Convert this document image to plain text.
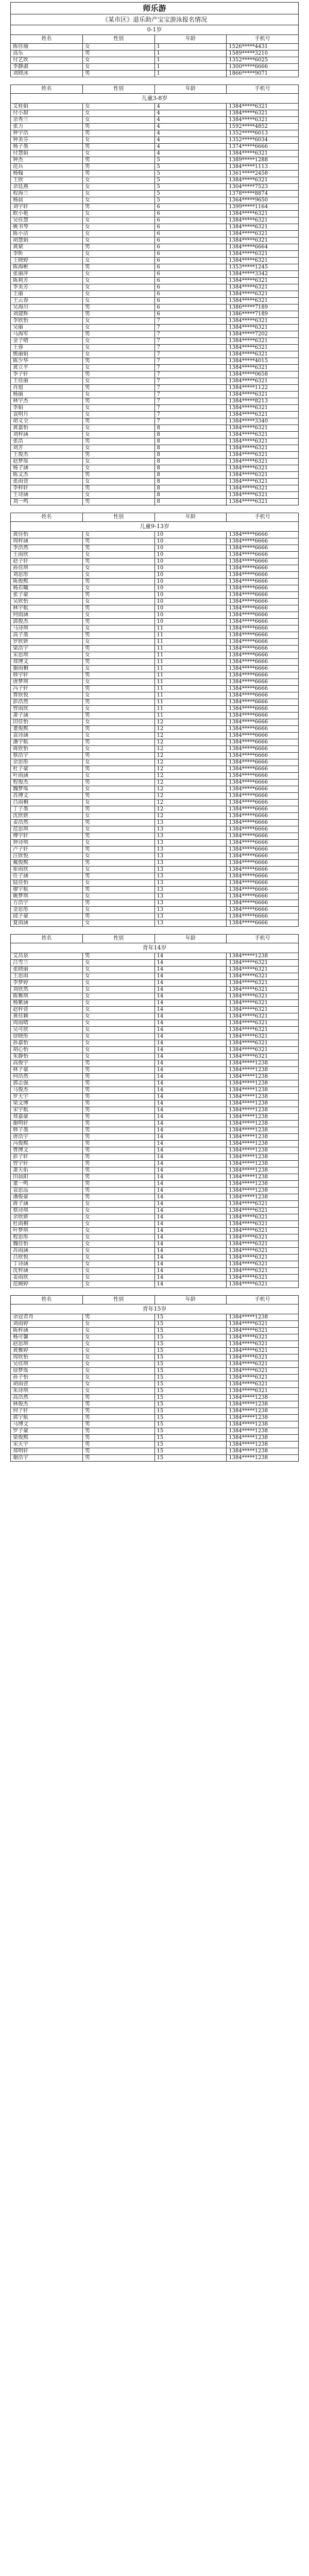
师乐游
《某市区》退乐助产宝宝游泳报名情况
0-1岁			
姓名	性别	年龄	手机号
陈佳瑜	女	1	1526*****4431
高乐	男	1	1589*****3210
付艺欣	女	1	1352*****6025
李静淑	女	1	1300*****6666
刘晓冰	男	1	1866*****9071

姓名	性别	年龄	手机号
儿童3-8岁			
艾桂娟	女	4	1384*****6321
付小甜	女	4	1384*****6321
余秀兰	女	4	1384*****6321
张力	男	4	1592*****4852
钟宇浩	男	4	1352*****6013
钟美芬	女	4	1352*****6034
杨子墨	男	4	1374*****6666
付慧娟	女	4	1384*****6321
钟杰	男	5	1389*****1288
范兵	男	5	1384*****1113
杨翰	男	5	1361*****2458
王欣	女	5	1384*****6321
余廷燕	女	5	1304*****7523
程海兰	女	5	1378*****8874
杨晨	女	5	1364*****9650
刘宇轩	男	6	1399*****1164
欧小艳	女	6	1384*****6321
吴佳慧	女	6	1384*****6321
姚书琴	女	6	1384*****6321
陈小洁	女	6	1384*****6321
胡慧娟	女	6	1384*****6321
黄斌	男	6	1384*****6664
李昕	女	6	1384*****6321
王晓婷	女	6	1384*****6321
陈海彬	男	6	1353*****1245
张丽萍	女	6	1384*****3342
陈莉芳	女	6	1384*****6321
李美芳	女	6	1384*****6321
王丽	女	6	1384*****6321
王云春	女	6	1384*****6321
吴海川	男	6	1386*****7189
刘建辉	男	6	1386*****7189
李欣怡	女	7	1384*****6321
吴丽	女	7	1384*****6321
马海军	男	7	1384*****7202
金子晴	女	7	1384*****6321
王蓉	女	7	1384*****6321
熊丽娟	女	7	1384*****6321
陈少华	男	7	1384*****4015
黄立平	女	7	1384*****6321
李子轩	男	7	1384*****0658
王佳丽	女	7	1384*****6321
肖旭	男	7	1384*****1122
杨丽	女	7	1384*****6321
林宇杰	男	7	1384*****8213
李娟	女	7	1384*****6321
袁明月	女	7	1384*****6321
胡义全	男	7	1384*****3340
黄嘉怡	女	8	1384*****6321
刘梓涵	女	8	1384*****6321
张浩	男	8	1384*****6321
刘芳	女	8	1384*****6321
王俊杰	男	8	1384*****6321
赵梦瑶	女	8	1384*****6321
杨子涵	女	8	1384*****6321
陈文杰	男	8	1384*****6321
张雨萱	女	8	1384*****6321
李梓轩	男	8	1384*****6321
王诗涵	女	8	1384*****6321
刘一鸣	男	8	1384*****6321

姓名	性别	年龄	手机号
儿童9-13岁			
黄佳怡	女	10	1384*****6666
周梓涵	男	10	1384*****6666
李浩然	男	10	1384*****6666
王雨欣	女	10	1384*****6666
赵子轩	男	10	1384*****6666
孙佳琪	女	10	1384*****6666
刘思彤	女	10	1384*****6666
陈俊熙	男	10	1384*****6666
杨若曦	女	10	1384*****6666
张子豪	男	10	1384*****6666
吴欣怡	女	10	1384*****6666
林宇航	男	10	1384*****6666
何雨涵	女	10	1384*****6666
郭俊杰	男	10	1384*****6666
马诗琪	女	11	1384*****6666
高子墨	男	11	1384*****6666
罗欣妍	女	11	1384*****6666
梁浩宇	男	11	1384*****6666
宋思琪	女	11	1384*****6666
郑博文	男	11	1384*****6666
谢雨桐	女	11	1384*****6666
韩宇轩	男	11	1384*****6666
唐梦琪	女	11	1384*****6666
冯子轩	男	11	1384*****6666
曹欣悦	女	11	1384*****6666
彭浩然	男	11	1384*****6666
曾雨欣	女	11	1384*****6666
萧子涵	男	11	1384*****6666
田佳怡	女	12	1384*****6666
董俊熙	男	12	1384*****6666
袁诗涵	女	12	1384*****6666
潘宇航	男	12	1384*****6666
蒋欣怡	女	12	1384*****6666
蔡浩宇	男	12	1384*****6666
余思彤	女	12	1384*****6666
杜子豪	男	12	1384*****6666
叶雨涵	女	12	1384*****6666
程俊杰	男	12	1384*****6666
魏梦瑶	女	12	1384*****6666
苏博文	男	12	1384*****6666
吕雨桐	女	12	1384*****6666
丁子墨	男	12	1384*****6666
沈欣妍	女	12	1384*****6666
姜浩然	男	13	1384*****6666
范思琪	女	13	1384*****6666
傅宇轩	男	13	1384*****6666
钟诗琪	女	13	1384*****6666
卢子轩	男	13	1384*****6666
汪欣悦	女	13	1384*****6666
戴俊熙	男	13	1384*****6666
崔雨欣	女	13	1384*****6666
任子涵	男	13	1384*****6666
陆佳怡	女	13	1384*****6666
廖宇航	男	13	1384*****6666
姚梦琪	女	13	1384*****6666
方浩宇	男	13	1384*****6666
金思彤	女	13	1384*****6666
邱子豪	男	13	1384*****6666
夏雨涵	女	13	1384*****6666

姓名	性别	年龄	手机号
青年14岁			
艾昌泉	男	14	1384*****1238
吕雪兰	女	14	1384*****6321
张晓丽	女	14	1384*****6321
王思雨	女	14	1384*****6321
李梦婷	女	14	1384*****6321
刘欣然	女	14	1384*****6321
陈雅琪	女	14	1384*****6321
杨紫涵	女	14	1384*****6321
赵梓萱	女	14	1384*****6321
黄佳颖	女	14	1384*****6321
周雨晴	女	14	1384*****6321
吴可欣	女	14	1384*****6321
徐晓彤	女	14	1384*****6321
孙嘉怡	女	14	1384*****6321
胡心怡	女	14	1384*****6321
朱静怡	女	14	1384*****6321
高俊宇	男	14	1384*****1238
林子豪	男	14	1384*****1238
何浩然	男	14	1384*****1238
郭志强	男	14	1384*****1238
马俊杰	男	14	1384*****1238
罗天宇	男	14	1384*****1238
梁文博	男	14	1384*****1238
宋宇航	男	14	1384*****1238
郑嘉豪	男	14	1384*****1238
谢明轩	男	14	1384*****1238
韩子墨	男	14	1384*****1238
唐浩宇	男	14	1384*****1238
冯俊熙	男	14	1384*****1238
曹博文	男	14	1384*****1238
彭子轩	男	14	1384*****1238
曾宇轩	男	14	1384*****1238
萧天佑	男	14	1384*****1238
田晨阳	男	14	1384*****1238
董一鸣	男	14	1384*****1238
袁思远	男	14	1384*****1238
潘俊豪	男	14	1384*****1238
蒋子涵	女	14	1384*****6321
蔡诗琪	女	14	1384*****6321
余欣妍	女	14	1384*****6321
杜雨桐	女	14	1384*****6321
叶梦琪	女	14	1384*****6321
程思彤	女	14	1384*****6321
魏佳怡	女	14	1384*****6321
苏雨涵	女	14	1384*****6321
吕欣悦	女	14	1384*****6321
丁诗涵	女	14	1384*****6321
沈梓涵	女	14	1384*****6321
姜雨欣	女	14	1384*****6321
范婉婷	女	14	1384*****6321

姓名	性别	年龄	手机号
青年15岁			
余冠君舟	男	15	1384*****1238
刘雨婷	女	15	1384*****6321
陈梓涵	女	15	1384*****6321
杨可馨	女	15	1384*****6321
赵思琪	女	15	1384*****6321
黄雅婷	女	15	1384*****6321
周欣怡	女	15	1384*****6321
吴佳琪	女	15	1384*****6321
徐梦瑶	女	15	1384*****6321
孙子怡	女	15	1384*****6321
胡雨萱	女	15	1384*****6321
朱诗琪	女	15	1384*****6321
高浩然	男	15	1384*****1238
林俊杰	男	15	1384*****1238
何子轩	男	15	1384*****1238
郭宇航	男	15	1384*****1238
马博文	男	15	1384*****1238
罗子豪	男	15	1384*****1238
梁俊熙	男	15	1384*****1238
宋天宇	男	15	1384*****1238
郑明轩	男	15	1384*****1238
谢浩宇	男	15	1384*****1238
